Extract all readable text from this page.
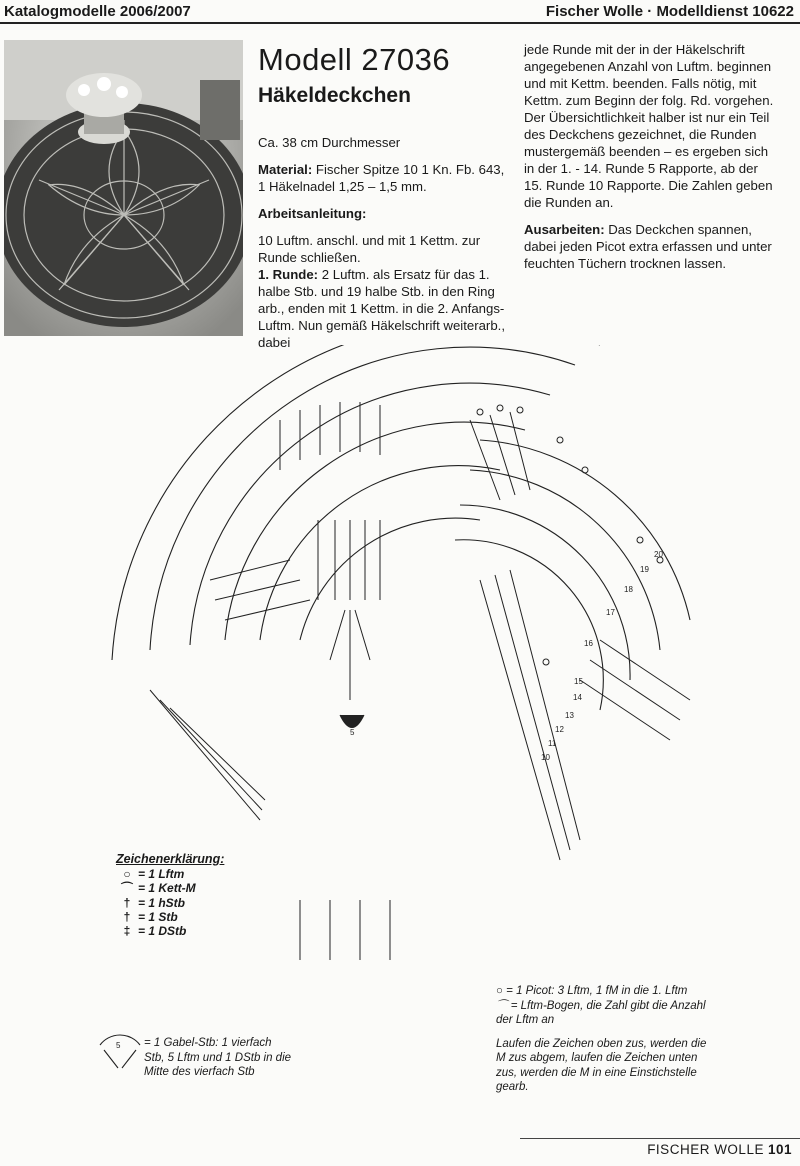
Katalogmodelle 2006/2007	Fischer Wolle · Modelldienst 10622
Modell 27036
Häkeldeckchen

Ca. 38 cm Durchmesser

Material: Fischer Spitze 10 1 Kn. Fb. 643, 1 Häkelnadel 1,25 – 1,5 mm.

Arbeitsanleitung:

10 Luftm. anschl. und mit 1 Kettm. zur Runde schließen.

1. Runde: 2 Luftm. als Ersatz für das 1. halbe Stb. und 19 halbe Stb. in den Ring arb., enden mit 1 Kettm. in die 2. Anfangs-Luftm. Nun gemäß Häkelschrift weiterarb., dabei

jede Runde mit der in der Häkelschrift angegebenen Anzahl von Luftm. beginnen und mit Kettm. beenden. Falls nötig, mit Kettm. zum Beginn der folg. Rd. vorgehen.

Der Übersichtlichkeit halber ist nur ein Teil des Deckchens gezeichnet, die Runden mustergemäß beenden – es ergeben sich in der 1. - 14. Runde 5 Rapporte, ab der 15. Runde 10 Rapporte. Die Zahlen geben die Runden an.

Ausarbeiten: Das Deckchen spannen, dabei jeden Picot extra erfassen und unter feuchten Tüchern trocknen lassen.

5
20
19
18
17
16
15
14
13
12
11
10
5
Zeichenerklärung:
○ = 1 Lftm
⌒ = 1 Kett-M
† = 1 hStb
† = 1 Stb
‡ = 1 DStb
○ = 1 Picot: 3 Lftm, 1 fM in die 1. Lftm
⌒ = Lftm-Bogen, die Zahl gibt die Anzahl der Lftm an
Laufen die Zeichen oben zus, werden die M zus abgem, laufen die Zeichen unten zus, werden die M in eine Einstichstelle gearb.
= 1 Gabel-Stb: 1 vierfach Stb, 5 Lftm und 1 DStb in die Mitte des vierfach Stb
FISCHER WOLLE 101
